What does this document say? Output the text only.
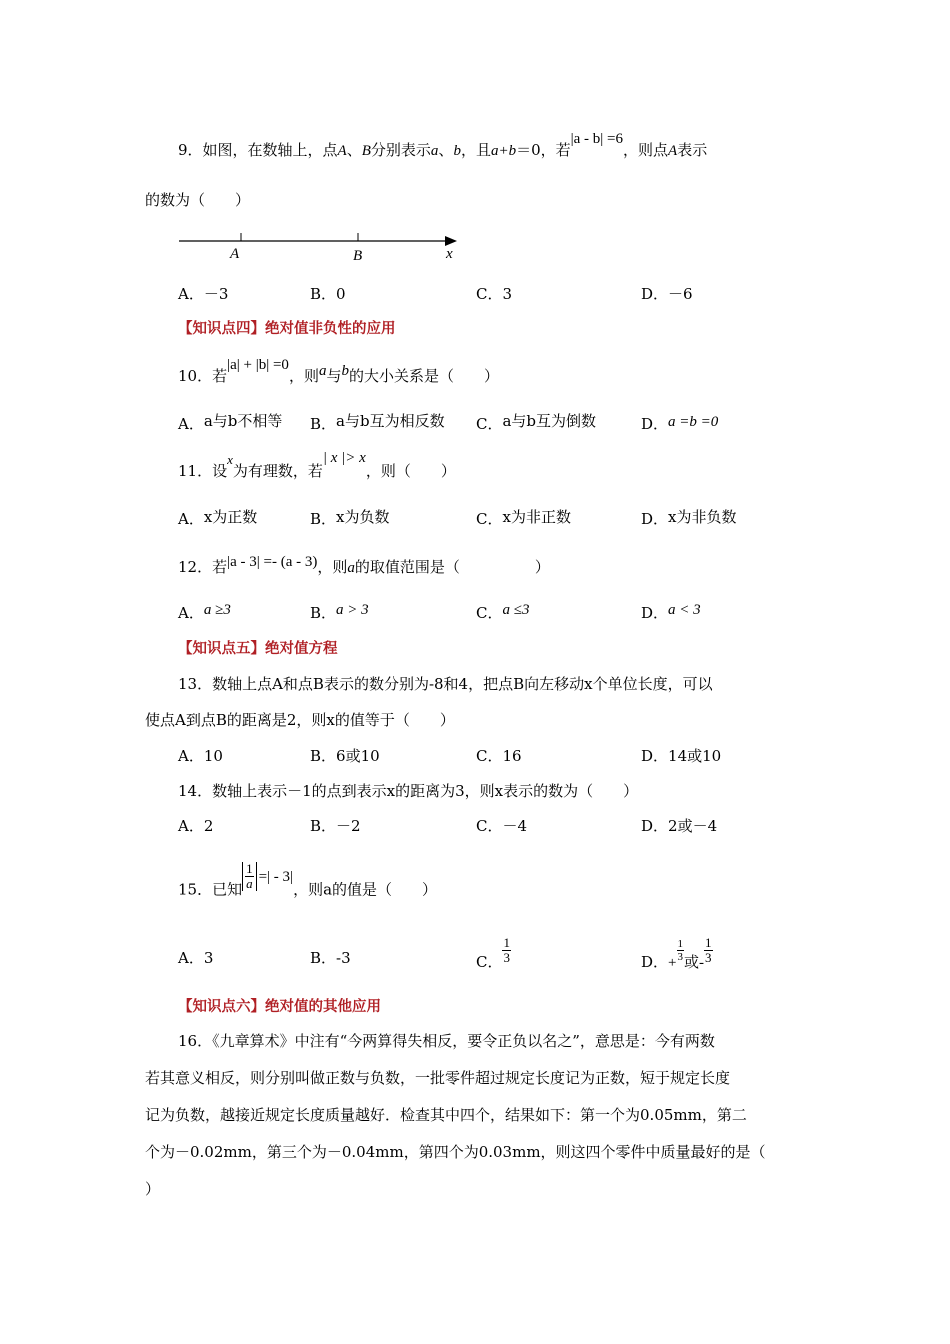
9．如图，在数轴上，点A、B分别表示a、b，且a+b＝0，若|a - b| =6，则点A表示
的数为（　　）
A	B	x
A．－3	B．0	C．3	D．－6
【知识点四】绝对值非负性的应用
10．若|a| + |b| =0，则a与b的大小关系是（　　）
A．a与b不相等 B．a与b互为相反数 C．a与b互为倒数	D．a =b =0
11．设x为有理数，若| x |> x，则（　　）
A．x为正数	B．x为负数	C．x为非正数	D．x为非负数
12．若|a - 3| =- (a - 3)，则a的取值范围是（　　　　　）
A．a ≥3	B．a > 3	C．a ≤3	D．a < 3
【知识点五】绝对值方程
13．数轴上点A和点B表示的数分别为-8和4，把点B向左移动x个单位长度，可以
使点A到点B的距离是2，则x的值等于（　　）
A．10	B．6或10	C．16	D．14或10
14．数轴上表示－1的点到表示x的距离为3，则x表示的数为（　　）
A．2	B．－2	C．－4	D．2或－4
15．已知 $\frac{1}{a}$ =| - 3|，则a的值是（　　）
A．3	B．-3	C． $\frac{1}{3}$	D．+ $\frac{1}{3}$ 或- $\frac{1}{3}$
【知识点六】绝对值的其他应用
16．《九章算术》中注有“今两算得失相反，要令正负以名之”，意思是：今有两数
若其意义相反，则分别叫做正数与负数，一批零件超过规定长度记为正数，短于规定长度
记为负数，越接近规定长度质量越好．检查其中四个，结果如下：第一个为0.05mm，第二
个为－0.02mm，第三个为－0.04mm，第四个为0.03mm，则这四个零件中质量最好的是（
）
